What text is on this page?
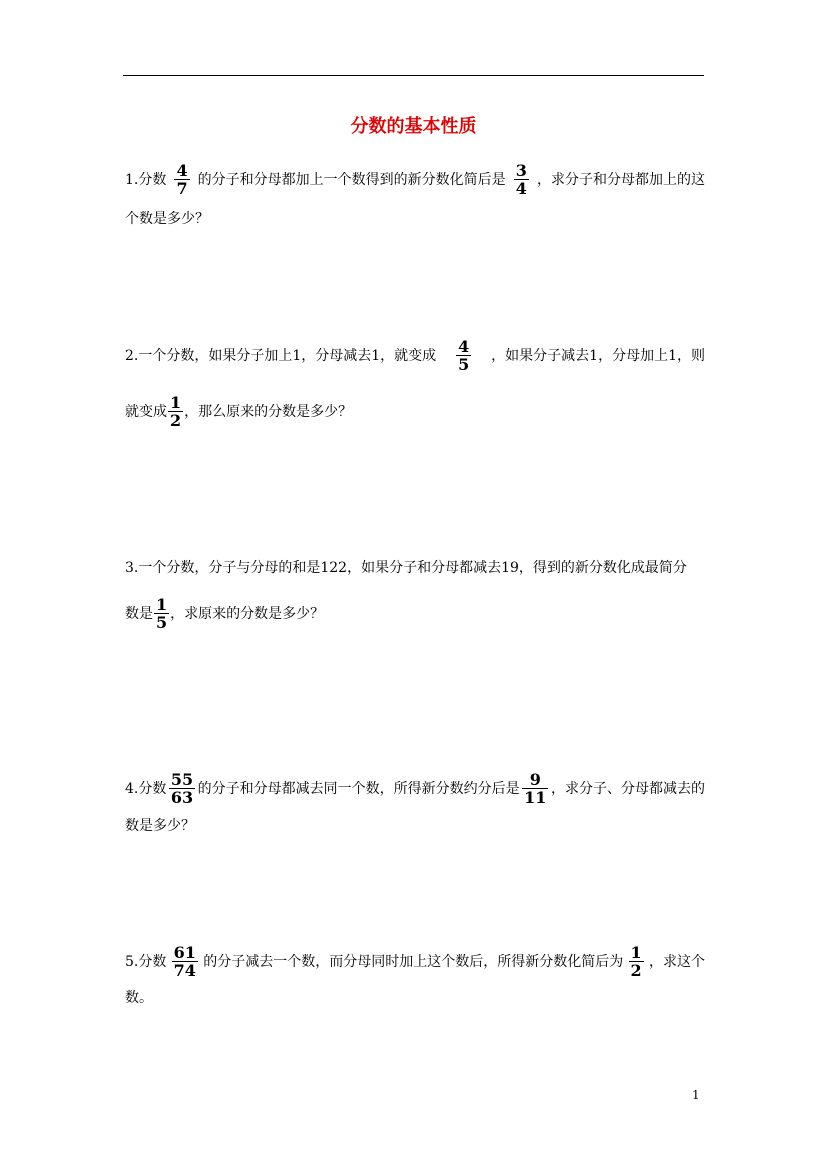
分数的基本性质
1.分数 $\frac{4}{7}$ 的分子和分母都加上一个数得到的新分数化简后是 $\frac{3}{4}$ ，求分子和分母都加上的这
个数是多少？
2.一个分数，如果分子加上1，分母减去1，就变成 $\frac{4}{5}$ ，如果分子减去1，分母加上1，则
就变成 $\frac{1}{2}$ ，那么原来的分数是多少？
3.一个分数，分子与分母的和是122，如果分子和分母都减去19，得到的新分数化成最简分
数是 $\frac{1}{5}$ ，求原来的分数是多少？
4.分数 $\frac{55}{63}$ 的分子和分母都减去同一个数，所得新分数约分后是 $\frac{9}{11}$ ，求分子、分母都减去的
数是多少？
5.分数 $\frac{61}{74}$ 的分子减去一个数，而分母同时加上这个数后，所得新分数化简后为 $\frac{1}{2}$ ，求这个
数。
1
